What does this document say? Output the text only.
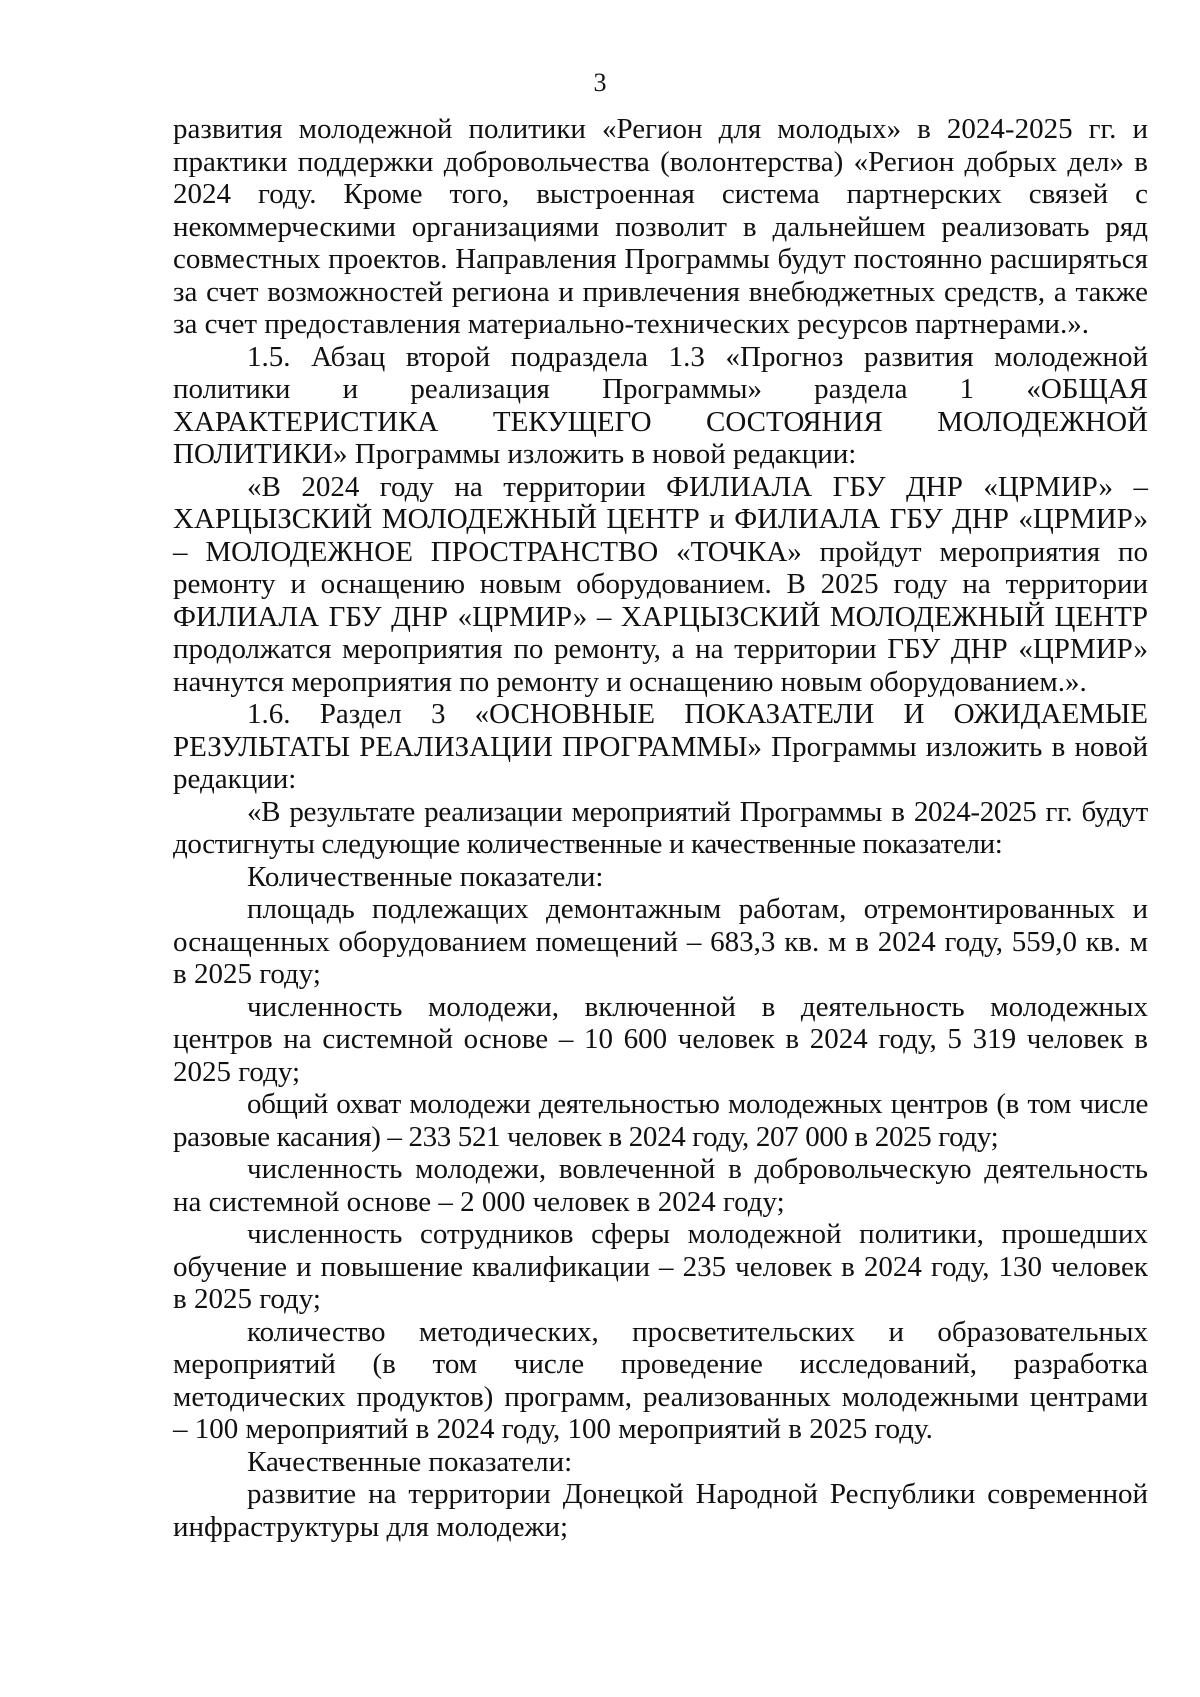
3

развития молодежной политики «Регион для молодых» в 2024-2025 гг. и практики поддержки добровольчества (волонтерства) «Регион добрых дел» в 2024 году. Кроме того, выстроенная система партнерских связей с некоммерческими организациями позволит в дальнейшем реализовать ряд совместных проектов. Направления Программы будут постоянно расширяться за счет возможностей региона и привлечения внебюджетных средств, а также за счет предоставления материально-технических ресурсов партнерами.».

1.5. Абзац второй подраздела 1.3 «Прогноз развития молодежной политики и реализация Программы» раздела 1 «ОБЩАЯ ХАРАКТЕРИСТИКА ТЕКУЩЕГО СОСТОЯНИЯ МОЛОДЕЖНОЙ ПОЛИТИКИ» Программы изложить в новой редакции:

«В 2024 году на территории ФИЛИАЛА ГБУ ДНР «ЦРМИР» – ХАРЦЫЗСКИЙ МОЛОДЕЖНЫЙ ЦЕНТР и ФИЛИАЛА ГБУ ДНР «ЦРМИР» – МОЛОДЕЖНОЕ ПРОСТРАНСТВО «ТОЧКА» пройдут мероприятия по ремонту и оснащению новым оборудованием. В 2025 году на территории ФИЛИАЛА ГБУ ДНР «ЦРМИР» – ХАРЦЫЗСКИЙ МОЛОДЕЖНЫЙ ЦЕНТР продолжатся мероприятия по ремонту, а на территории ГБУ ДНР «ЦРМИР» начнутся мероприятия по ремонту и оснащению новым оборудованием.».

1.6. Раздел 3 «ОСНОВНЫЕ ПОКАЗАТЕЛИ И ОЖИДАЕМЫЕ РЕЗУЛЬТАТЫ РЕАЛИЗАЦИИ ПРОГРАММЫ» Программы изложить в новой редакции:

«В результате реализации мероприятий Программы в 2024-2025 гг. будут достигнуты следующие количественные и качественные показатели:

Количественные показатели:

площадь подлежащих демонтажным работам, отремонтированных и оснащенных оборудованием помещений – 683,3 кв. м в 2024 году, 559,0 кв. м в 2025 году;

численность молодежи, включенной в деятельность молодежных центров на системной основе – 10 600 человек в 2024 году, 5 319 человек в 2025 году;

общий охват молодежи деятельностью молодежных центров (в том числе разовые касания) – 233 521 человек в 2024 году, 207 000 в 2025 году;

численность молодежи, вовлеченной в добровольческую деятельность на системной основе – 2 000 человек в 2024 году;

численность сотрудников сферы молодежной политики, прошедших обучение и повышение квалификации – 235 человек в 2024 году, 130 человек в 2025 году;

количество методических, просветительских и образовательных мероприятий (в том числе проведение исследований, разработка методических продуктов) программ, реализованных молодежными центрами – 100 мероприятий в 2024 году, 100 мероприятий в 2025 году.

Качественные показатели:

развитие на территории Донецкой Народной Республики современной инфраструктуры для молодежи;
